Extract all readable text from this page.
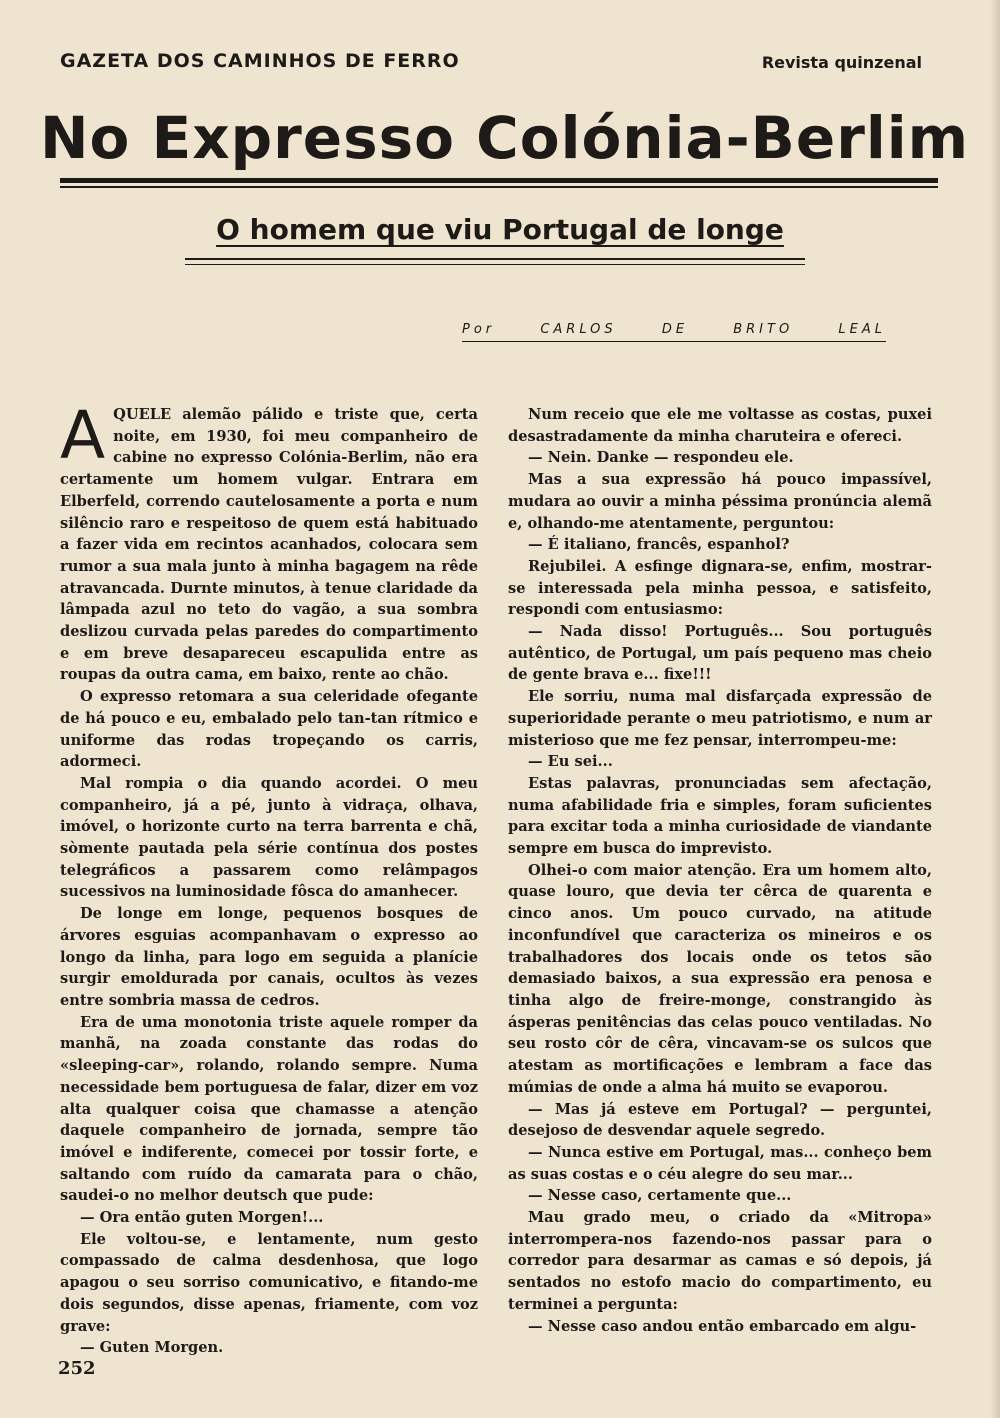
GAZETA DOS CAMINHOS DE FERRO	Revista quinzenal
No Expresso Colónia-Berlim
O homem que viu Portugal de longe
Por	CARLOS	DE	BRITO	LEAL
A QUELE alemão pálido e triste que, certa noite, em 1930, foi meu companheiro de cabine no expresso Colónia-Berlim, não era certamente um homem vulgar. Entrara em Elberfeld, correndo cautelosamente a porta e num silêncio raro e respeitoso de quem está habituado a fazer vida em recintos acanhados, colocara sem rumor a sua mala junto à minha bagagem na rêde atravancada. Durnte minutos, à tenue claridade da lâmpada azul no teto do vagão, a sua sombra deslizou curvada pelas paredes do compartimento e em breve desapareceu escapulida entre as roupas da outra cama, em baixo, rente ao chão.

O expresso retomara a sua celeridade ofegante de há pouco e eu, embalado pelo tan-tan rítmico e uniforme das rodas tropeçando os carris, adormeci.

Mal rompia o dia quando acordei. O meu companheiro, já a pé, junto à vidraça, olhava, imóvel, o horizonte curto na terra barrenta e chã, sòmente pautada pela série contínua dos postes telegráficos a passarem como relâmpagos sucessivos na luminosidade fôsca do amanhecer.

De longe em longe, pequenos bosques de árvores esguias acompanhavam o expresso ao longo da linha, para logo em seguida a planície surgir emoldurada por canais, ocultos às vezes entre sombria massa de cedros.

Era de uma monotonia triste aquele romper da manhã, na zoada constante das rodas do «sleeping-car», rolando, rolando sempre. Numa necessidade bem portuguesa de falar, dizer em voz alta qualquer coisa que chamasse a atenção daquele companheiro de jornada, sempre tão imóvel e indiferente, comecei por tossir forte, e saltando com ruído da camarata para o chão, saudei-o no melhor deutsch que pude:

— Ora então guten Morgen!...

Ele voltou-se, e lentamente, num gesto compassado de calma desdenhosa, que logo apagou o seu sorriso comunicativo, e fitando-me dois segundos, disse apenas, friamente, com voz grave:

— Guten Morgen.

Num receio que ele me voltasse as costas, puxei desastradamente da minha charuteira e ofereci.

— Nein. Danke — respondeu ele.

Mas a sua expressão há pouco impassível, mudara ao ouvir a minha péssima pronúncia alemã e, olhando-me atentamente, perguntou:

— É italiano, francês, espanhol?

Rejubilei. A esfinge dignara-se, enfim, mostrar-se interessada pela minha pessoa, e satisfeito, respondi com entusiasmo:

— Nada disso! Português... Sou português autêntico, de Portugal, um país pequeno mas cheio de gente brava e... fixe!!!

Ele sorriu, numa mal disfarçada expressão de superioridade perante o meu patriotismo, e num ar misterioso que me fez pensar, interrompeu-me:

— Eu sei...

Estas palavras, pronunciadas sem afectação, numa afabilidade fria e simples, foram suficientes para excitar toda a minha curiosidade de viandante sempre em busca do imprevisto.

Olhei-o com maior atenção. Era um homem alto, quase louro, que devia ter cêrca de quarenta e cinco anos. Um pouco curvado, na atitude inconfundível que caracteriza os mineiros e os trabalhadores dos locais onde os tetos são demasiado baixos, a sua expressão era penosa e tinha algo de freire-monge, constrangido às ásperas penitências das celas pouco ventiladas. No seu rosto côr de cêra, vincavam-se os sulcos que atestam as mortificações e lembram a face das múmias de onde a alma há muito se evaporou.

— Mas já esteve em Portugal? — perguntei, desejoso de desvendar aquele segredo.

— Nunca estive em Portugal, mas... conheço bem as suas costas e o céu alegre do seu mar...

— Nesse caso, certamente que...

Mau grado meu, o criado da «Mitropa» interrompera-nos fazendo-nos passar para o corredor para desarmar as camas e só depois, já sentados no estofo macio do compartimento, eu terminei a pergunta:

— Nesse caso andou então embarcado em algu-

252
